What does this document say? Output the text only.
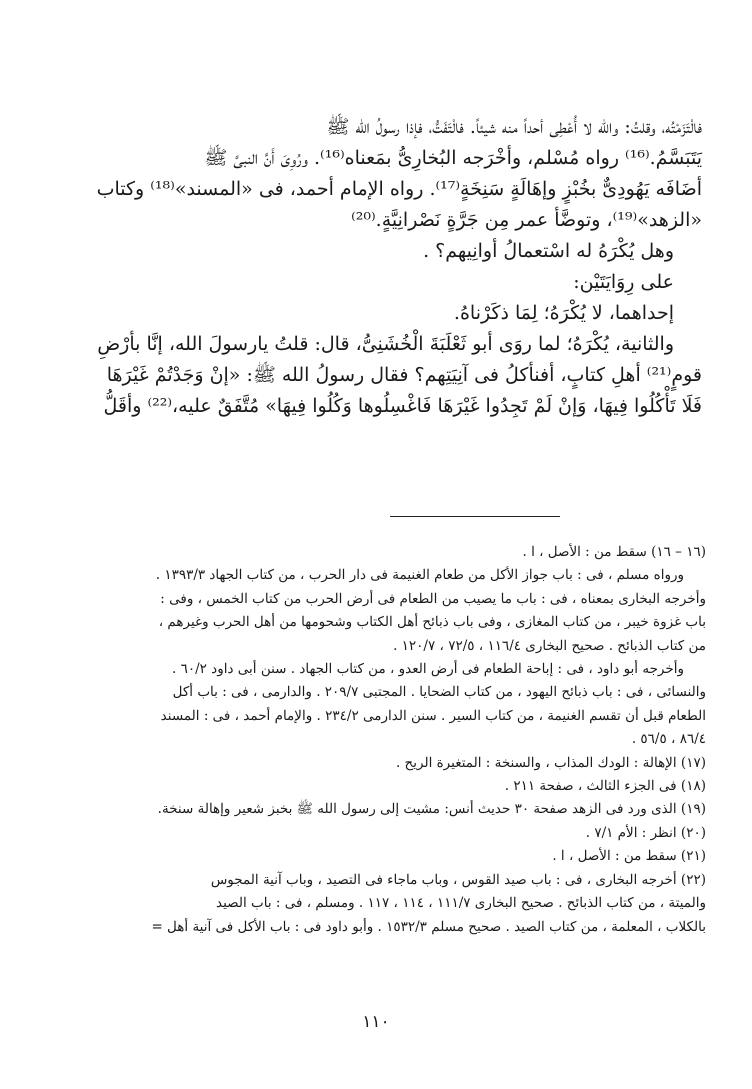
فالْتَزَمْتُه، وقلتُ: والله لا أُعْطِى أحداً منه شيئاً. فالْتَفَتُّ، فإذا رسولُ الله ﷺ

يَتَبَسَّمُ.⁽¹⁶⁾ رواه مُسْلم، وأخْرَجه البُخارِىُّ بمَعناه⁽¹⁶⁾. ورُوِىَ أَنَّ النبىَّ ﷺ

أضَافَه يَهُودِىٌّ بخُبْزٍ وإهَالَةٍ سَنِخَةٍ⁽¹⁷⁾. رواه الإمام أحمد، فى «المسند»⁽¹⁸⁾ وكتاب

«الزهد»⁽¹⁹⁾، وتوضَّأ عمر مِن جَرَّةٍ نَصْرانِيَّةٍ.⁽²⁰⁾

وهل يُكْرَهُ له اسْتعمالُ أوانِيهم؟ .

على رِوَايَتَيْن:

إحداهما، لا يُكْرَهُ؛ لِمَا ذكَرْناهُ.

والثانية، يُكْرَهُ؛ لما روَى أبو ثَعْلَبَةَ الْخُشَنِىُّ، قال: قلتُ يارسولَ الله، إنَّا بأرْضِ

قومٍ⁽²¹⁾ أهلِ كتابٍ، أفنأكلُ فى آنِيَتِهم؟ فقال رسولُ الله ﷺ: «إنْ وَجَدْتُمْ غَيْرَهَا

فَلَا تَأْكُلُوا فِيهَا، وَإنْ لَمْ تَجِدُوا غَيْرَهَا فَاغْسِلُوها وَكُلُوا فِيهَا» مُتَّفَقٌ عليه،⁽²²⁾ وأقَلُّ

(١٦ – ١٦) سقط من : الأصل ، ا .

ورواه مسلم ، فى : باب جواز الأكل من طعام الغنيمة فى دار الحرب ، من كتاب الجهاد ١٣٩٣/٣ .

وأخرجه البخارى بمعناه ، فى : باب ما يصيب من الطعام فى أرض الحرب من كتاب الخمس ، وفى :

باب غزوة خيبر ، من كتاب المغازى ، وفى باب ذبائح أهل الكتاب وشحومها من أهل الحرب وغيرهم ،

من كتاب الذبائح . صحيح البخارى ١١٦/٤ ، ٧٢/٥ ، ١٢٠/٧ .

وأخرجه أبو داود ، فى : إباحة الطعام فى أرض العدو ، من كتاب الجهاد . سنن أبى داود ٦٠/٢ .

والنسائى ، فى : باب ذبائح اليهود ، من كتاب الضحايا . المجتبى ٢٠٩/٧ . والدارمى ، فى : باب أكل

الطعام قبل أن تقسم الغنيمة ، من كتاب السير . سنن الدارمى ٢٣٤/٢ . والإمام أحمد ، فى : المسند

٨٦/٤ ، ٥٦/٥ .

(١٧) الإهالة : الودك المذاب ، والسنخة : المتغيرة الريح .

(١٨) فى الجزء الثالث ، صفحة ٢١١ .

(١٩) الذى ورد فى الزهد صفحة ٣٠ حديث أنس: مشيت إلى رسول الله ﷺ بخبز شعير وإهالة سنخة.

(٢٠) انظر : الأم ٧/١ .

(٢١) سقط من : الأصل ، ا .

(٢٢) أخرجه البخارى ، فى : باب صيد القوس ، وباب ماجاء فى التصيد ، وباب آنية المجوس

والميتة ، من كتاب الذبائح . صحيح البخارى ١١١/٧ ، ١١٤ ، ١١٧ . ومسلم ، فى : باب الصيد

بالكلاب ، المعلمة ، من كتاب الصيد . صحيح مسلم ١٥٣٢/٣ . وأبو داود فى : باب الأكل فى آنية أهل =

١١٠
